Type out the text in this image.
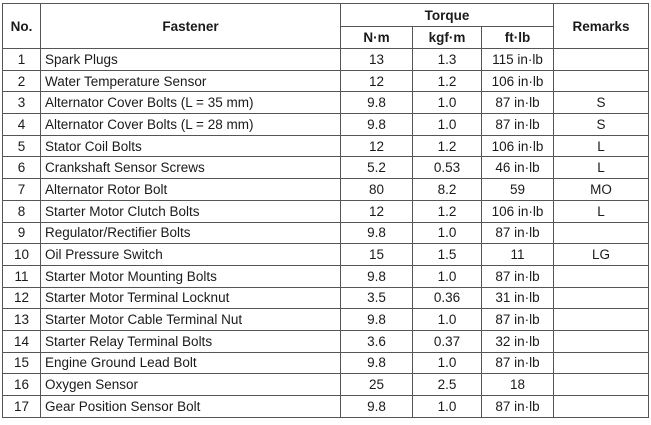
No.	Fastener	Torque			Remarks
		N·m	kgf·m	ft·lb	
1	Spark Plugs	13	1.3	115 in·lb	
2	Water Temperature Sensor	12	1.2	106 in·lb	
3	Alternator Cover Bolts (L = 35 mm)	9.8	1.0	87 in·lb	S
4	Alternator Cover Bolts (L = 28 mm)	9.8	1.0	87 in·lb	S
5	Stator Coil Bolts	12	1.2	106 in·lb	L
6	Crankshaft Sensor Screws	5.2	0.53	46 in·lb	L
7	Alternator Rotor Bolt	80	8.2	59	MO
8	Starter Motor Clutch Bolts	12	1.2	106 in·lb	L
9	Regulator/Rectifier Bolts	9.8	1.0	87 in·lb	
10	Oil Pressure Switch	15	1.5	11	LG
11	Starter Motor Mounting Bolts	9.8	1.0	87 in·lb	
12	Starter Motor Terminal Locknut	3.5	0.36	31 in·lb	
13	Starter Motor Cable Terminal Nut	9.8	1.0	87 in·lb	
14	Starter Relay Terminal Bolts	3.6	0.37	32 in·lb	
15	Engine Ground Lead Bolt	9.8	1.0	87 in·lb	
16	Oxygen Sensor	25	2.5	18	
17	Gear Position Sensor Bolt	9.8	1.0	87 in·lb	
